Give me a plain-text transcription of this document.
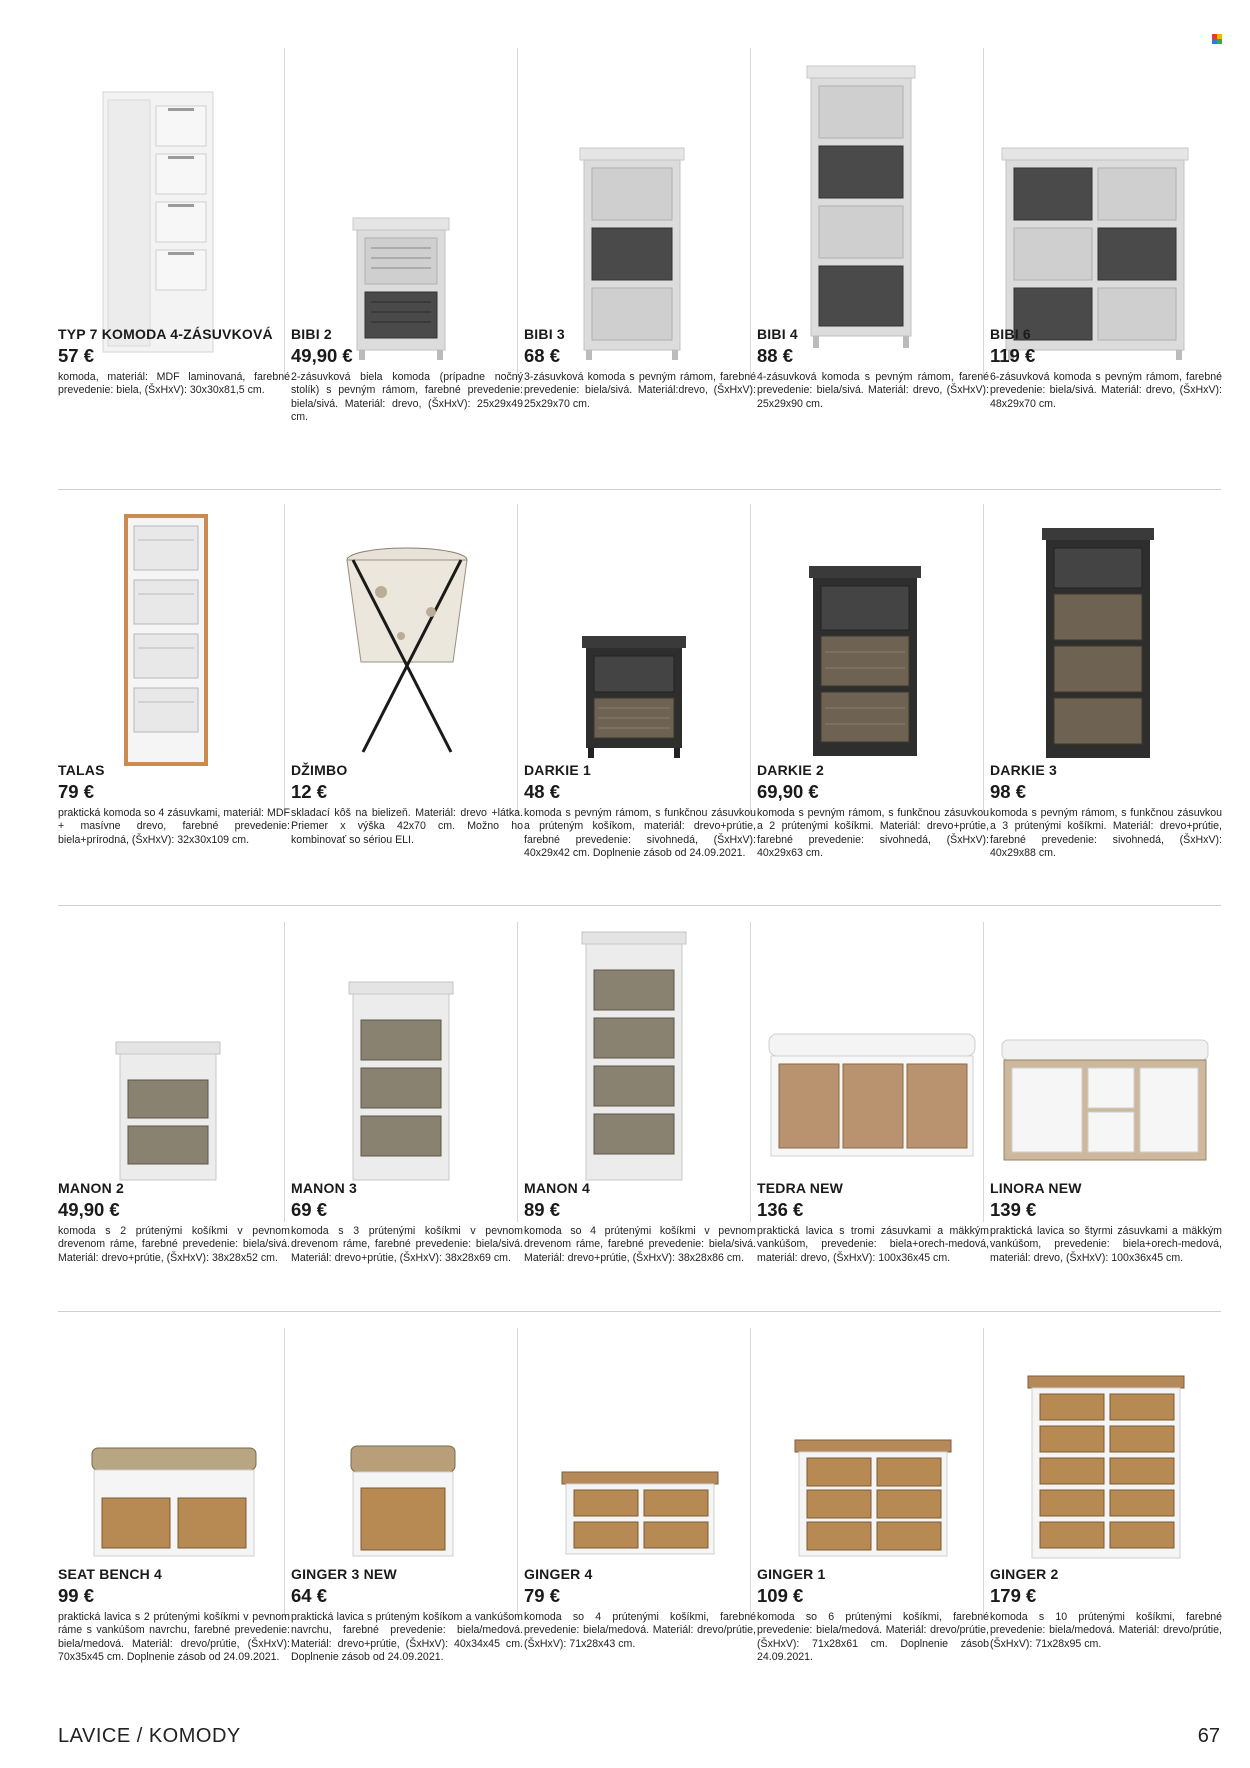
TYP 7 KOMODA 4-ZÁSUVKOVÁ

57 €

komoda, materiál: MDF laminovaná, farebné prevedenie: biela, (ŠxHxV): 30x30x81,5 cm.

BIBI 2

49,90 €

2-zásuvková biela komoda (prípadne nočný stolík) s pevným rámom, farebné prevedenie: biela/sivá. Materiál: drevo, (ŠxHxV): 25x29x49 cm.

BIBI 3

68 €

3-zásuvková komoda s pevným rámom, farebné prevedenie: biela/sivá. Materiál:drevo, (ŠxHxV): 25x29x70 cm.

BIBI 4

88 €

4-zásuvková komoda s pevným rámom, farené prevedenie: biela/sivá. Materiál: drevo, (ŠxHxV): 25x29x90 cm.

BIBI 6

119 €

6-zásuvková komoda s pevným rámom, farebné prevedenie: biela/sivá. Materiál: drevo, (ŠxHxV): 48x29x70 cm.

TALAS

79 €

praktická komoda so 4 zásuvkami, materiál: MDF + masívne drevo, farebné prevedenie: biela+prírodná, (ŠxHxV): 32x30x109 cm.

DŽIMBO

12 €

skladací kôš na bielizeň. Materiál: drevo +látka. Priemer x výška 42x70 cm. Možno ho kombinovať so sériou ELI.

DARKIE 1

48 €

komoda s pevným rámom, s funkčnou zásuvkou a prúteným košíkom, materiál: drevo+prútie, farebné prevedenie: sivohnedá, (ŠxHxV): 40x29x42 cm. Doplnenie zásob od 24.09.2021.

DARKIE 2

69,90 €

komoda s pevným rámom, s funkčnou zásuvkou a 2 prútenými košíkmi. Materiál: drevo+prútie, farebné prevedenie: sivohnedá, (ŠxHxV): 40x29x63 cm.

DARKIE 3

98 €

komoda s pevným rámom, s funkčnou zásuvkou a 3 prútenými košíkmi. Materiál: drevo+prútie, farebné prevedenie: sivohnedá, (ŠxHxV): 40x29x88 cm.

MANON 2

49,90 €

komoda s 2 prútenými košíkmi v pevnom drevenom ráme, farebné prevedenie: biela/sivá. Materiál: drevo+prútie, (ŠxHxV): 38x28x52 cm.

MANON 3

69 €

komoda s 3 prútenými košíkmi v pevnom drevenom ráme, farebné prevedenie: biela/sivá. Materiál: drevo+prútie, (ŠxHxV): 38x28x69 cm.

MANON 4

89 €

komoda so 4 prútenými košíkmi v pevnom drevenom ráme, farebné prevedenie: biela/sivá. Materiál: drevo+prútie, (ŠxHxV): 38x28x86 cm.

TEDRA NEW

136 €

praktická lavica s tromi zásuvkami a mäkkým vankúšom, prevedenie: biela+orech-medová, materiál: drevo, (ŠxHxV): 100x36x45 cm.

LINORA NEW

139 €

praktická lavica so štyrmi zásuvkami a mäkkým vankúšom, prevedenie: biela+orech-medová, materiál: drevo, (ŠxHxV): 100x36x45 cm.

SEAT BENCH 4

99 €

praktická lavica s 2 prútenými košíkmi v pevnom ráme s vankúšom navrchu, farebné prevedenie: biela/medová. Materiál: drevo/prútie, (ŠxHxV): 70x35x45 cm. Doplnenie zásob od 24.09.2021.

GINGER 3 NEW

64 €

praktická lavica s prúteným košíkom a vankúšom navrchu, farebné prevedenie: biela/medová. Materiál: drevo+prútie, (ŠxHxV): 40x34x45 cm. Doplnenie zásob od 24.09.2021.

GINGER 4

79 €

komoda so 4 prútenými košíkmi, farebné prevedenie: biela/medová. Materiál: drevo/prútie, (ŠxHxV): 71x28x43 cm.

GINGER 1

109 €

komoda so 6 prútenými košíkmi, farebné prevedenie: biela/medová. Materiál: drevo/prútie, (ŠxHxV): 71x28x61 cm. Doplnenie zásob 24.09.2021.

GINGER 2

179 €

komoda s 10 prútenými košíkmi, farebné prevedenie: biela/medová. Materiál: drevo/prútie, (ŠxHxV): 71x28x95 cm.

LAVICE / KOMODY	67
